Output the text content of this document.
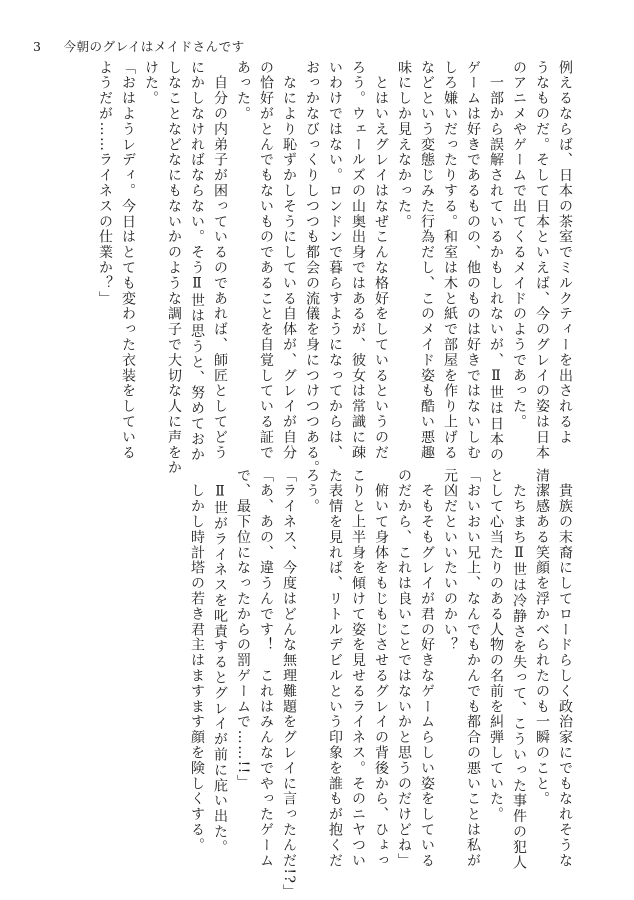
3 今朝のグレイはメイドさんです
例えるならば、日本の茶室でミルクティーを出されるよ
うなものだ。そして日本といえば、今のグレイの姿は日本
のアニメやゲームで出てくるメイドのようであった。
　一部から誤解されているかもしれないが、Ⅱ世は日本の
ゲームは好きであるものの、他のものは好きではないしむ
しろ嫌いだったりする。和室は木と紙で部屋を作り上げる
などという変態じみた行為だし、このメイド姿も酷い悪趣
味にしか見えなかった。
　とはいえグレイはなぜこんな格好をしているというのだ
ろう。ウェールズの山奥出身ではあるが、彼女は常識に疎
いわけではない。ロンドンで暮らすようになってからは、
おっかなびっくりしつつも都会の流儀を身につけつつある。
　なにより恥ずかしそうにしている自体が、グレイが自分
の恰好がとんでもないものであることを自覚している証で
あった。
　自分の内弟子が困っているのであれば、師匠としてどう
にかしなければならない。そうⅡ世は思うと、努めておか
しなことなどなにもないかのような調子で大切な人に声をか
けた。
「おはようレディ。今日はとても変わった衣装をしている
ようだが……ライネスの仕業か？」
　貴族の末裔にしてロードらしく政治家にでもなれそうな
清潔感ある笑顔を浮かべられたのも一瞬のこと。
　たちまちⅡ世は冷静さを失って、こういった事件の犯人
として心当たりのある人物の名前を糾弾していた。
「おいおい兄上、なんでもかんでも都合の悪いことは私が
元凶だといいたいのかい？
　そもそもグレイが君の好きなゲームらしい姿をしている
のだから、これは良いことではないかと思うのだけどね」
　俯いて身体をもじもじさせるグレイの背後から、ひょっ
こりと上半身を傾けて姿を見せるライネス。そのニヤつい
た表情を見れば、リトルデビルという印象を誰もが抱くだ
ろう。
「ライネス、今度はどんな無理難題をグレイに言ったんだ!?」
「あ、あの、違うんです！　これはみんなでやったゲーム
で、最下位になったからの罰ゲームで……!!」
　Ⅱ世がライネスを叱責するとグレイが前に庇い出た。
　しかし時計塔の若き君主はますます顔を険しくする。
